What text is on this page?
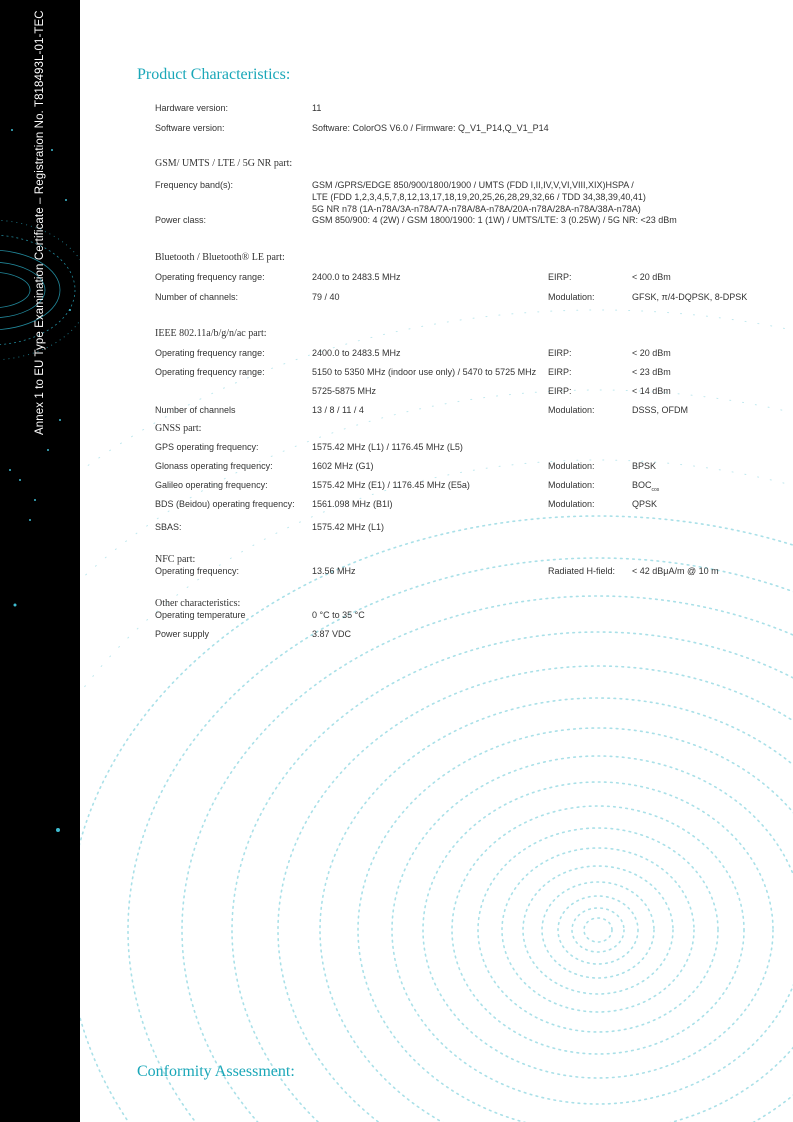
Annex 1 to EU Type Examination Certificate – Registration No. T818493L-01-TEC	Product Characteristics:
Hardware version:	11
Software version:	Software: ColorOS V6.0 / Firmware: Q_V1_P14,Q_V1_P14
GSM/ UMTS / LTE / 5G NR part:
Frequency band(s):	GSM /GPRS/EDGE 850/900/1800/1900 / UMTS (FDD I,II,IV,V,VI,VIII,XIX)HSPA /
LTE (FDD 1,2,3,4,5,7,8,12,13,17,18,19,20,25,26,28,29,32,66 / TDD 34,38,39,40,41)
5G NR n78 (1A-n78A/3A-n78A/7A-n78A/8A-n78A/20A-n78A/28A-n78A/38A-n78A)
Power class:	GSM 850/900: 4 (2W) / GSM 1800/1900: 1 (1W) / UMTS/LTE: 3 (0.25W) / 5G NR: <23 dBm
Bluetooth / Bluetooth® LE part:
Operating frequency range:	2400.0 to 2483.5 MHz	EIRP:	< 20 dBm
Number of channels:	79 / 40	Modulation:	GFSK, π/4-DQPSK, 8-DPSK
IEEE 802.11a/b/g/n/ac part:
Operating frequency range:	2400.0 to 2483.5 MHz	EIRP:	< 20 dBm
Operating frequency range:	5150 to 5350 MHz (indoor use only) / 5470 to 5725 MHz EIRP:	< 23 dBm
5725-5875 MHz	EIRP:	< 14 dBm
Number of channels	13 / 8 / 11 / 4	Modulation:	DSSS, OFDM
GNSS part:
GPS operating frequency:	1575.42 MHz (L1) / 1176.45 MHz (L5)
Glonass operating frequency:	1602 MHz (G1)	Modulation:	BPSK
Galileo operating frequency:	1575.42 MHz (E1) / 1176.45 MHz (E5a)	Modulation:	$BOC_{cos}$
BDS (Beidou) operating frequency: 1561.098 MHz (B1I)	Modulation:	QPSK
SBAS:	1575.42 MHz (L1)
NFC part:
Operating frequency:	13.56 MHz	Radiated H-field: < 42 dBμA/m @ 10 m
Other characteristics:
Operating temperature	0 °C to 35 °C
Power supply	3.87 VDC
Conformity Assessment:
